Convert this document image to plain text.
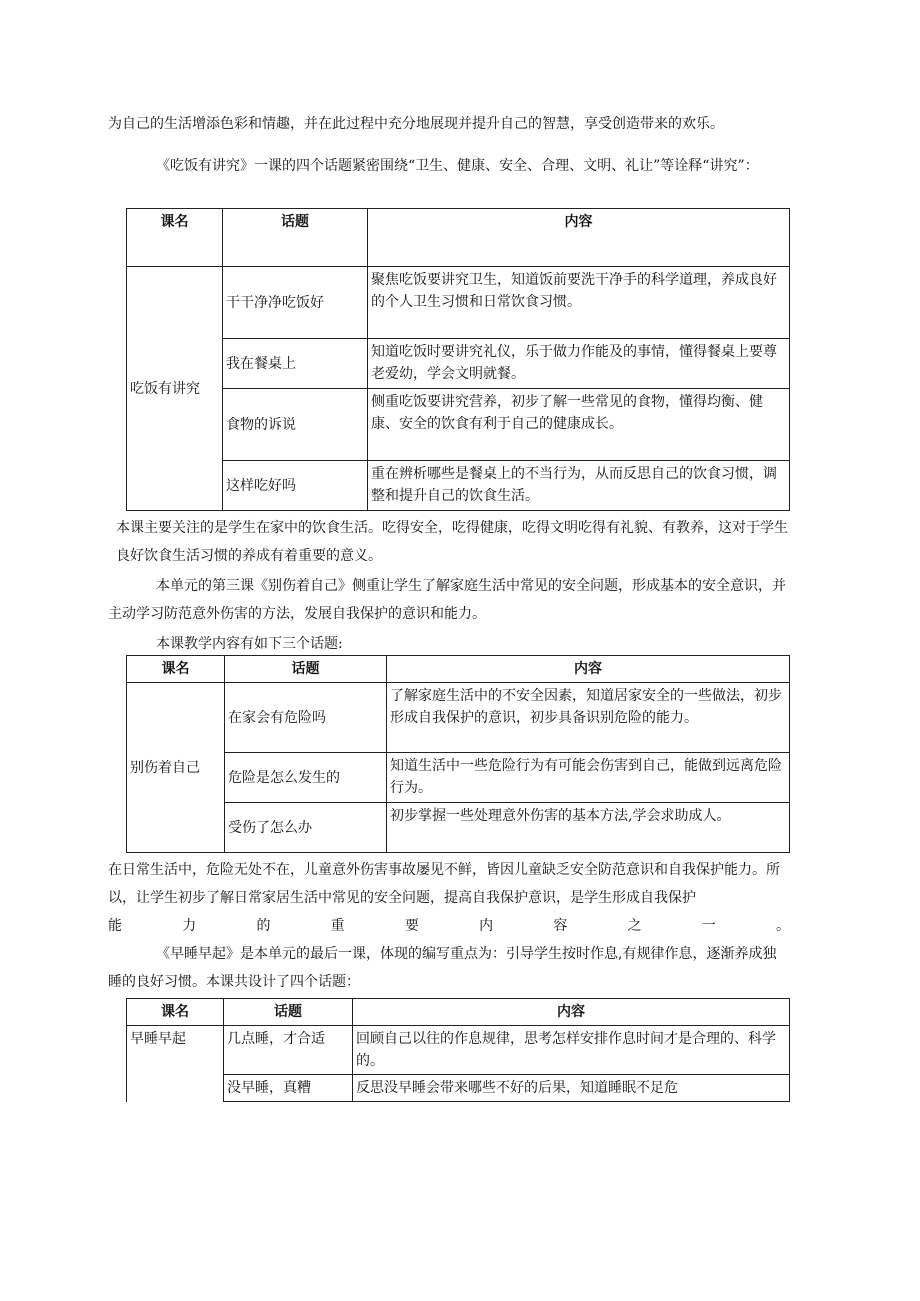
为自己的生活增添色彩和情趣，并在此过程中充分地展现并提升自己的智慧，享受创造带来的欢乐。

《吃饭有讲究》一课的四个话题紧密围绕“卫生、健康、安全、合理、文明、礼让”等诠释“讲究”：

课名	话题	内容
吃饭有讲究	干干净净吃饭好	聚焦吃饭要讲究卫生，知道饭前要洗干净手的科学道理，养成良好的个人卫生习惯和日常饮食习惯。
	我在餐桌上	知道吃饭时要讲究礼仪，乐于做力作能及的事情，懂得餐桌上要尊老爱幼，学会文明就餐。
	食物的诉说	侧重吃饭要讲究营养，初步了解一些常见的食物，懂得均衡、健康、安全的饮食有利于自己的健康成长。
	这样吃好吗	重在辨析哪些是餐桌上的不当行为，从而反思自己的饮食习惯，调整和提升自己的饮食生活。

本课主要关注的是学生在家中的饮食生活。吃得安全，吃得健康，吃得文明吃得有礼貌、有教养，这对于学生良好饮食生活习惯的养成有着重要的意义。

本单元的第三课《别伤着自己》侧重让学生了解家庭生活中常见的安全问题，形成基本的安全意识，并主动学习防范意外伤害的方法，发展自我保护的意识和能力。

本课教学内容有如下三个话题:

课名	话题	内容
别伤着自己	在家会有危险吗	了解家庭生活中的不安全因素，知道居家安全的一些做法，初步形成自我保护的意识，初步具备识别危险的能力。
	危险是怎么发生的	知道生活中一些危险行为有可能会伤害到自己，能做到远离危险行为。
	受伤了怎么办	初步掌握一些处理意外伤害的基本方法,学会求助成人。

在日常生活中，危险无处不在，儿童意外伤害事故屡见不鲜，皆因儿童缺乏安全防范意识和自我保护能力。所以，让学生初步了解日常家居生活中常见的安全问题，提高自我保护意识，是学生形成自我保护

能力的重要内容之一。

《早睡早起》是本单元的最后一课，体现的编写重点为：引导学生按时作息,有规律作息，逐渐养成独睡的良好习惯。本课共设计了四个话题：

课名	话题	内容
早睡早起	几点睡，才合适	回顾自己以往的作息规律，思考怎样安排作息时间才是合理的、科学的。
	没早睡，真糟	反思没早睡会带来哪些不好的后果，知道睡眠不足危
